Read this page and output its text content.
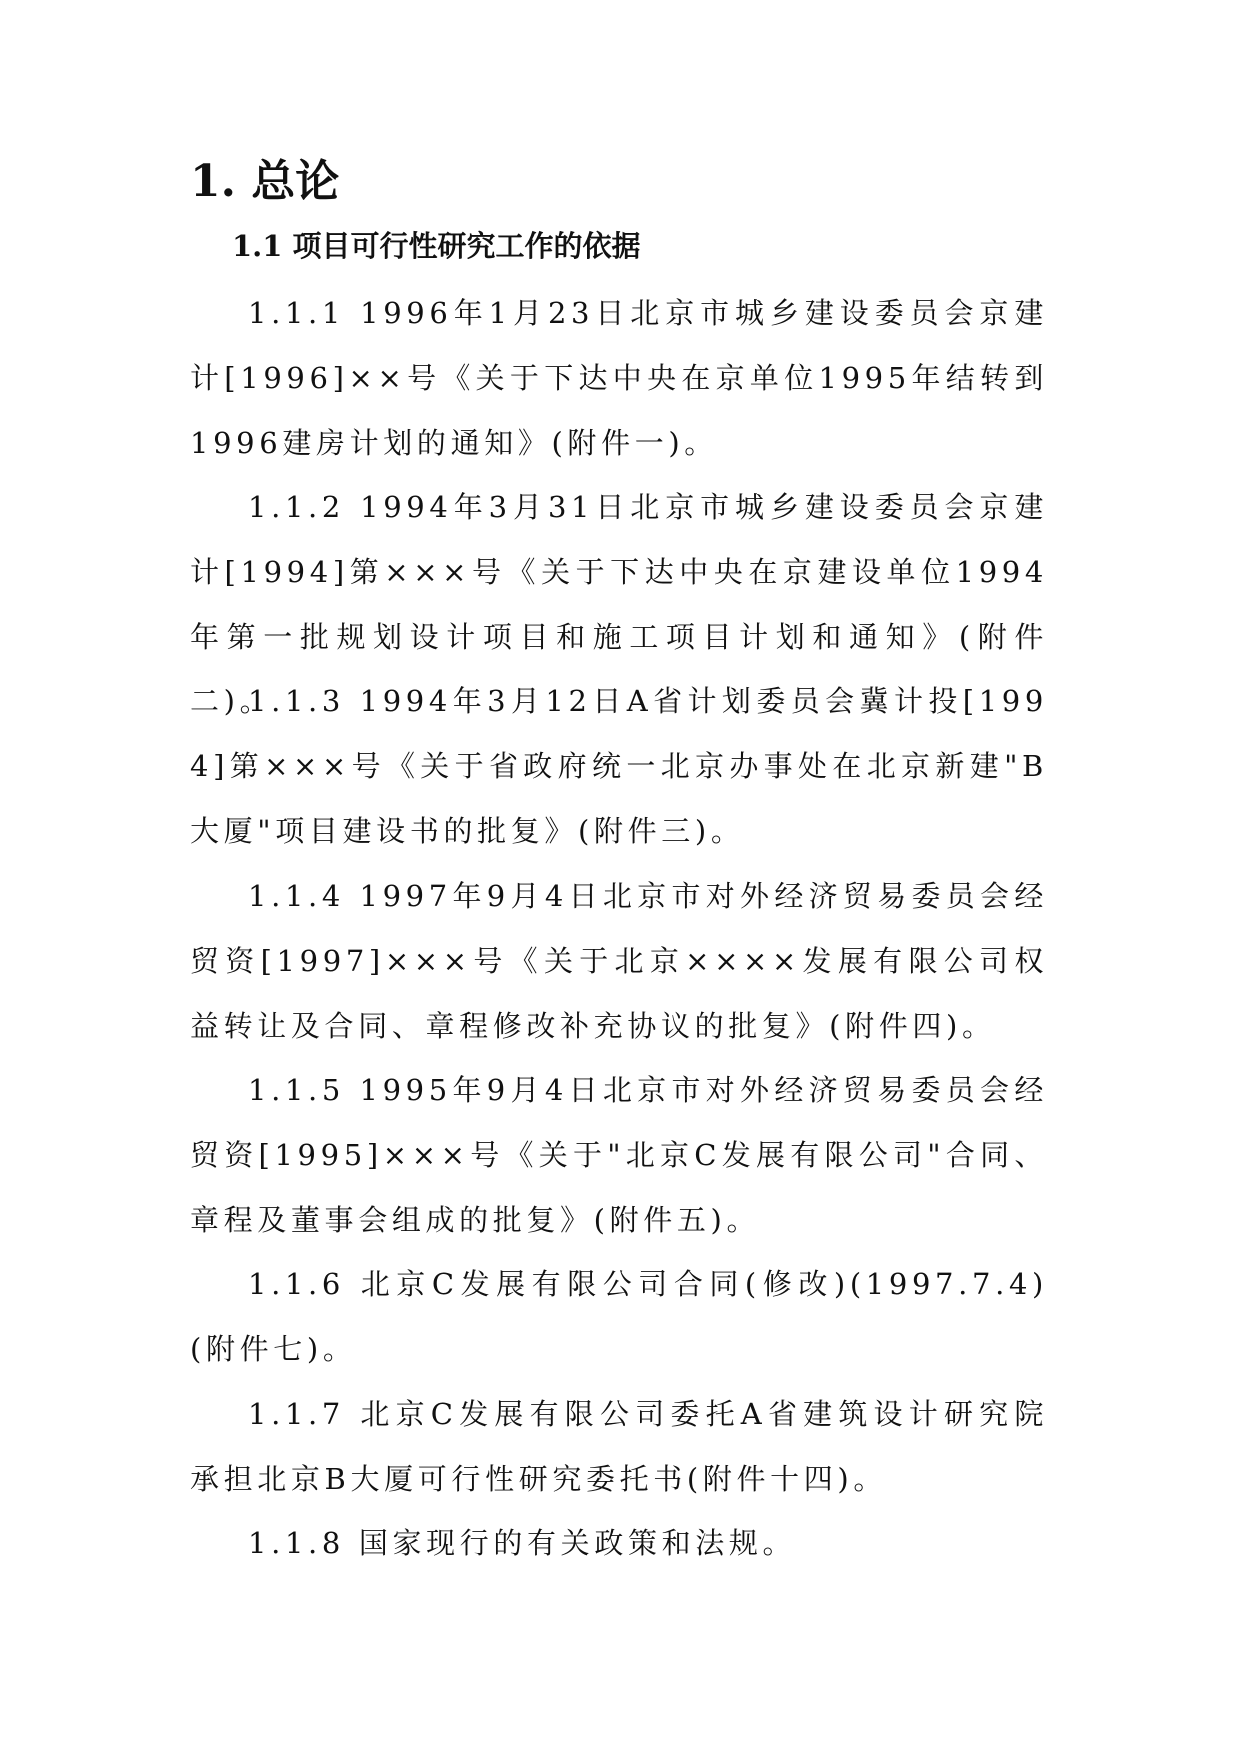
1. 总论
1.1 项目可行性研究工作的依据

1.1.1 1996年1月23日北京市城乡建设委员会京建计[1996]××号《关于下达中央在京单位1995年结转到1996建房计划的通知》(附件一)。

1.1.2 1994年3月31日北京市城乡建设委员会京建计[1994]第×××号《关于下达中央在京建设单位1994年第一批规划设计项目和施工项目计划和通知》(附件二)。

1.1.3 1994年3月12日A省计划委员会冀计投[1994]第×××号《关于省政府统一北京办事处在北京新建"B大厦"项目建设书的批复》(附件三)。

1.1.4 1997年9月4日北京市对外经济贸易委员会经贸资[1997]×××号《关于北京××××发展有限公司权益转让及合同、章程修改补充协议的批复》(附件四)。

1.1.5 1995年9月4日北京市对外经济贸易委员会经贸资[1995]×××号《关于"北京C发展有限公司"合同、章程及董事会组成的批复》(附件五)。

1.1.6 北京C发展有限公司合同(修改)(1997.7.4)(附件七)。

1.1.7 北京C发展有限公司委托A省建筑设计研究院承担北京B大厦可行性研究委托书(附件十四)。

1.1.8 国家现行的有关政策和法规。
